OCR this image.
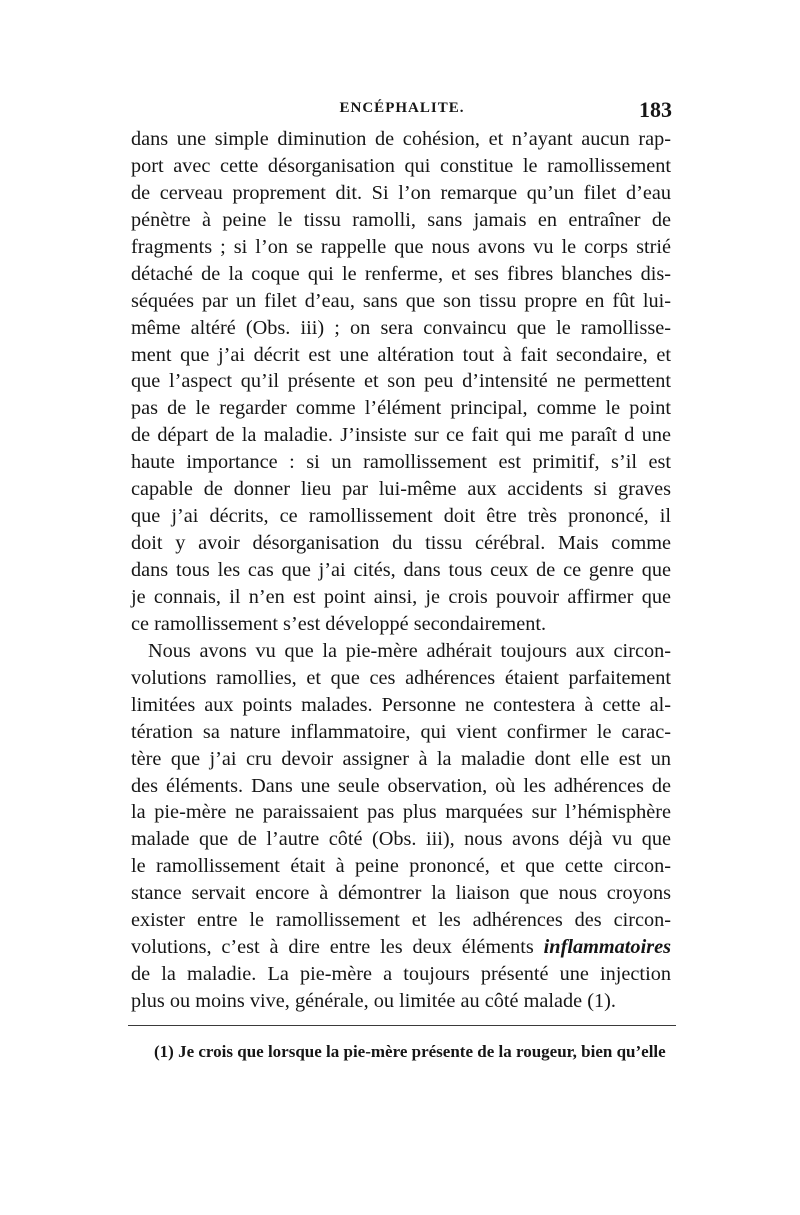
ENCÉPHALITE.	183
dans une simple diminution de cohésion, et n’ayant aucun rap-
port avec cette désorganisation qui constitue le ramollissement
de cerveau proprement dit. Si l’on remarque qu’un filet d’eau
pénètre à peine le tissu ramolli, sans jamais en entraîner de
fragments ; si l’on se rappelle que nous avons vu le corps strié
détaché de la coque qui le renferme, et ses fibres blanches dis-
séquées par un filet d’eau, sans que son tissu propre en fût lui-
même altéré (Obs. iii) ; on sera convaincu que le ramollisse-
ment que j’ai décrit est une altération tout à fait secondaire, et
que l’aspect qu’il présente et son peu d’intensité ne permettent
pas de le regarder comme l’élément principal, comme le point
de départ de la maladie. J’insiste sur ce fait qui me paraît d une
haute importance : si un ramollissement est primitif, s’il est
capable de donner lieu par lui-même aux accidents si graves
que j’ai décrits, ce ramollissement doit être très prononcé, il
doit y avoir désorganisation du tissu cérébral. Mais comme
dans tous les cas que j’ai cités, dans tous ceux de ce genre que
je connais, il n’en est point ainsi, je crois pouvoir affirmer que
ce ramollissement s’est développé secondairement.
Nous avons vu que la pie-mère adhérait toujours aux circon-
volutions ramollies, et que ces adhérences étaient parfaitement
limitées aux points malades. Personne ne contestera à cette al-
tération sa nature inflammatoire, qui vient confirmer le carac-
tère que j’ai cru devoir assigner à la maladie dont elle est un
des éléments. Dans une seule observation, où les adhérences de
la pie-mère ne paraissaient pas plus marquées sur l’hémisphère
malade que de l’autre côté (Obs. iii), nous avons déjà vu que
le ramollissement était à peine prononcé, et que cette circon-
stance servait encore à démontrer la liaison que nous croyons
exister entre le ramollissement et les adhérences des circon-
volutions, c’est à dire entre les deux éléments inflammatoires
de la maladie. La pie-mère a toujours présenté une injection
plus ou moins vive, générale, ou limitée au côté malade (1).
(1) Je crois que lorsque la pie-mère présente de la rougeur, bien qu’elle
